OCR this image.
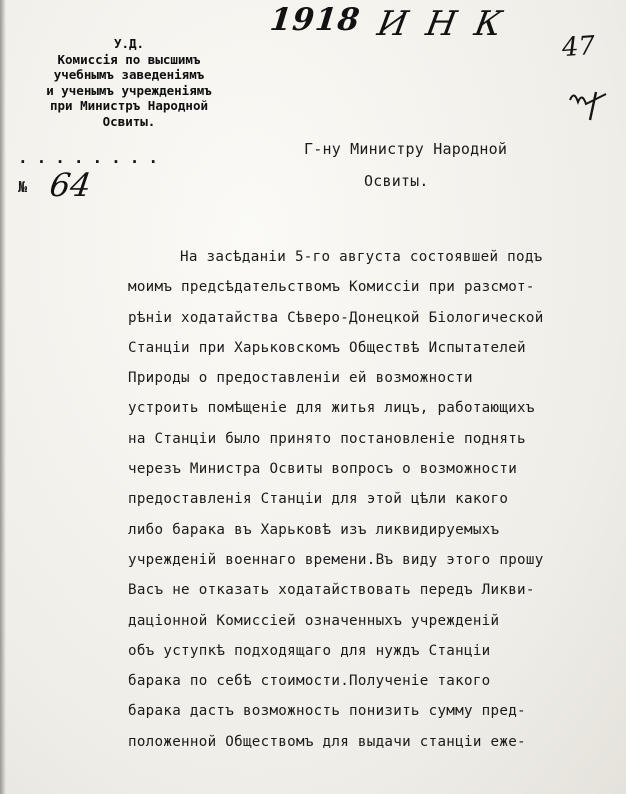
1918 И Н К
47
У.Д.
Комиссія по высшимъ
учебнымъ заведеніямъ
и ученымъ учрежденіямъ
при Министръ Народной
Освиты.
........
№ 64
Г-ну Министру Народной
Освиты.
На засѣданіи 5-го августа состоявшей подъ
моимъ предсѣдательствомъ Комиссіи при разсмот-
рѣніи ходатайства Сѣверо-Донецкой Біологической
Станціи при Харьковскомъ Обществѣ Испытателей
Природы о предоставленіи ей возможности
устроить помѣщеніе для житья лицъ, работающихъ
на Станціи было принято постановленіе поднять
черезъ Министра Освиты вопросъ о возможности
предоставленія Станціи для этой цѣли какого
либо барака въ Харьковѣ изъ ликвидируемыхъ
учрежденій военнаго времени.Въ виду этого прошу
Васъ не отказать ходатайствовать передъ Ликви-
даціонной Комиссіей означенныхъ учрежденій
объ уступкѣ подходящаго для нуждъ Станціи
барака по себѣ стоимости.Полученіе такого
барака дастъ возможность понизить сумму пред-
положенной Обществомъ для выдачи станціи еже-
